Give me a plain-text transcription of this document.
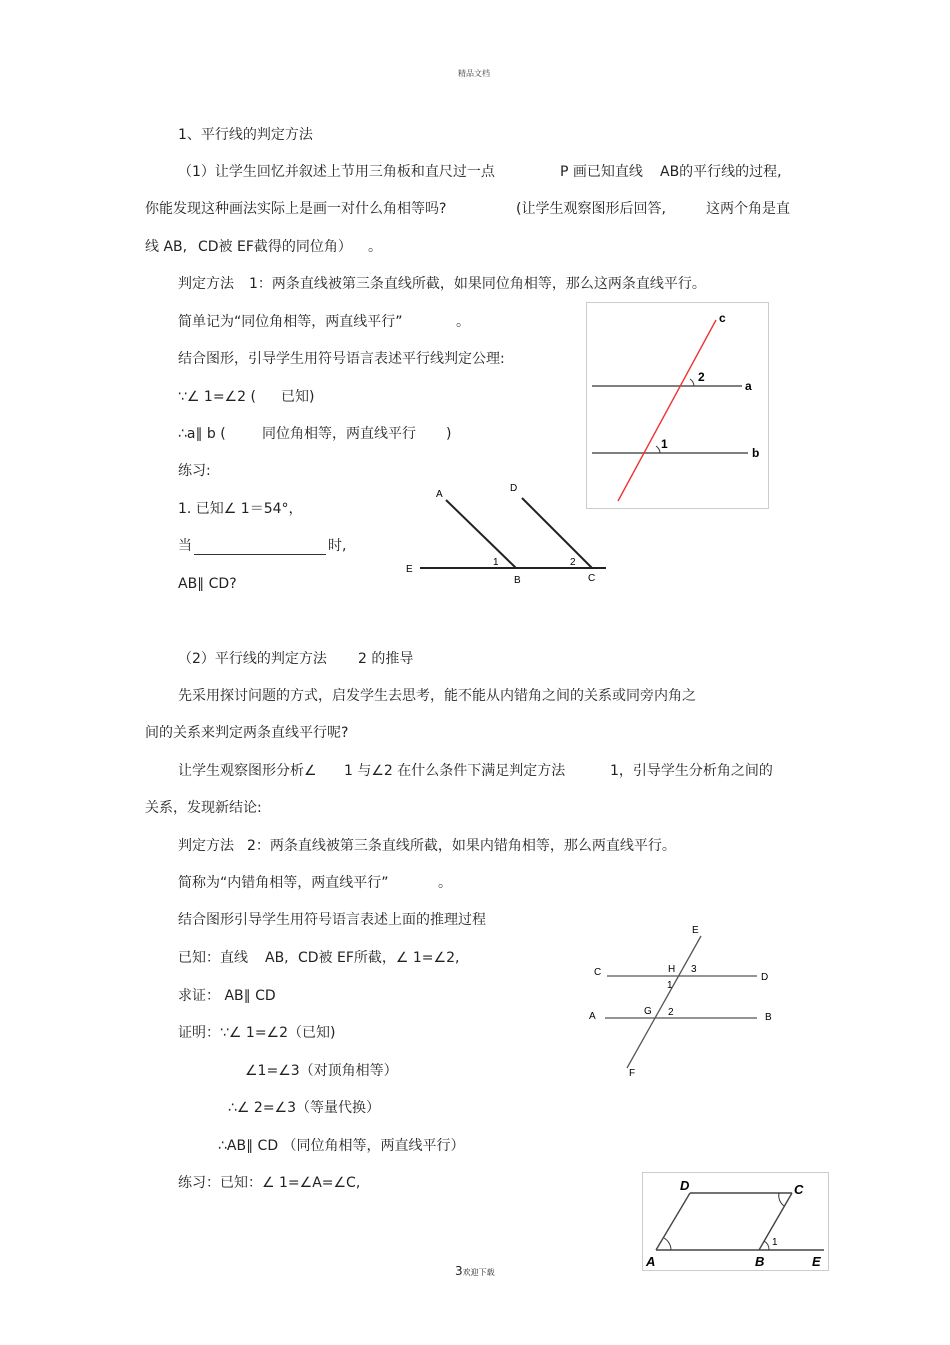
精品文档
1、平行线的判定方法
（1）让学生回忆并叙述上节用三角板和直尺过一点	P 画已知直线 AB的平行线的过程,
你能发现这种画法实际上是画一对什么角相等吗?	(让学生观察图形后回答,	这两个角是直
线 AB, CD被 EF截得的同位角） 。
判定方法 1：两条直线被第三条直线所截，如果同位角相等，那么这两条直线平行。
简单记为“同位角相等，两直线平行”	。
结合图形，引导学生用符号语言表述平行线判定公理:
∵∠ 1=∠2 ( 已知)
∴a∥ b (	同位角相等，两直线平行 )
练习:
1. 已知∠ 1＝54°，
当	时,
AB∥ CD?
c
a
b
2
1
A
D
E
1	2
B	C
（2）平行线的判定方法 2 的推导
先采用探讨问题的方式，启发学生去思考，能不能从内错角之间的关系或同旁内角之
间的关系来判定两条直线平行呢?
让学生观察图形分析∠ 1 与∠2 在什么条件下满足判定方法	1，引导学生分析角之间的
关系，发现新结论:
判定方法 2：两条直线被第三条直线所截，如果内错角相等，那么两直线平行。
简称为“内错角相等，两直线平行”	。
结合图形引导学生用符号语言表述上面的推理过程
已知：直线 AB, CD被 EF所截，∠ 1=∠2,
求证： AB∥ CD
证明：∵∠ 1=∠2（已知)
∠1=∠3（对顶角相等）
∴∠ 2=∠3（等量代换）
∴AB∥ CD （同位角相等，两直线平行）
练习：已知：∠ 1=∠A=∠C,
E
C	H 3
D
1
A	G 2	B
F
D	C
A	B	E
1
3欢迎下载
